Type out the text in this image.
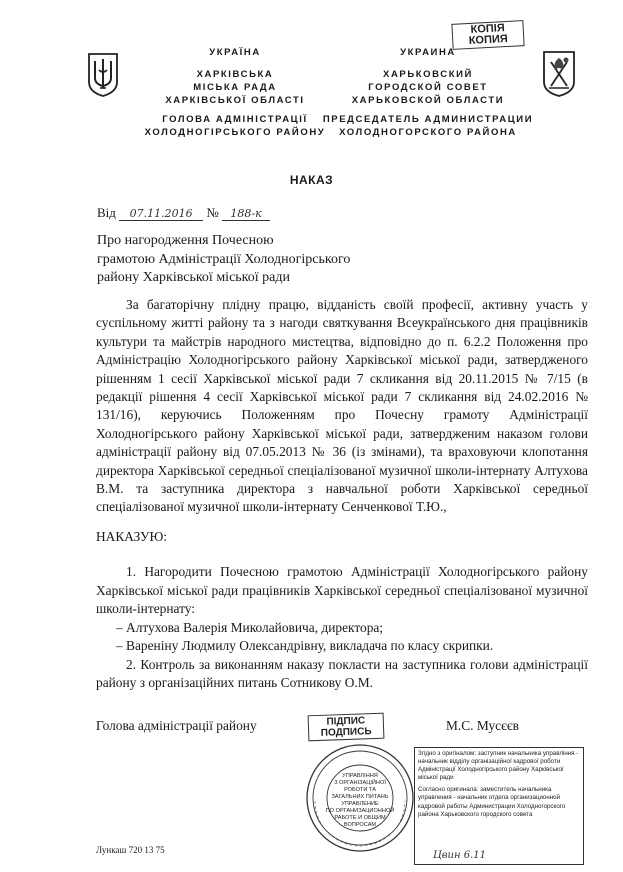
КОПІЯ
КОПИЯ
УКРАЇНА
ХАРКІВСЬКА
МІСЬКА РАДА
ХАРКІВСЬКОЇ ОБЛАСТІ
ГОЛОВА АДМІНІСТРАЦІЇ
ХОЛОДНОГІРСЬКОГО РАЙОНУ
УКРАИНА
ХАРЬКОВСКИЙ
ГОРОДСКОЙ СОВЕТ
ХАРЬКОВСКОЙ ОБЛАСТИ
ПРЕДСЕДАТЕЛЬ АДМИНИСТРАЦИИ
ХОЛОДНОГОРСКОГО РАЙОНА
НАКАЗ
Від 07.11.2016 № 188-к
Про нагородження Почесною
грамотою Адміністрації Холодногірського
району Харківської міської ради
За багаторічну плідну працю, відданість своїй професії, активну участь у суспільному житті району та з нагоди святкування Всеукраїнського дня працівників культури та майстрів народного мистецтва, відповідно до п. 6.2.2 Положення про Адміністрацію Холодногірського району Харківської міської ради, затвердженого рішенням 1 сесії Харківської міської ради 7 скликання від 20.11.2015 № 7/15 (в редакції рішення 4 сесії Харківської міської ради 7 скликання від 24.02.2016 № 131/16), керуючись Положенням про Почесну грамоту Адміністрації Холодногірського району Харківської міської ради, затвердженим наказом голови адміністрації району від 07.05.2013 № 36 (із змінами), та враховуючи клопотання директора Харківської середньої спеціалізованої музичної школи-інтернату Алтухова В.М. та заступника директора з навчальної роботи Харківської середньої спеціалізованої музичної школи-інтернату Сенченкової Т.Ю.,
НАКАЗУЮ:
1. Нагородити Почесною грамотою Адміністрації Холодногірського району Харківської міської ради працівників Харківської середньої спеціалізованої музичної школи-інтернату:
– Алтухова Валерія Миколайовича, директора;
– Вареніну Людмилу Олександрівну, викладача по класу скрипки.
2. Контроль за виконанням наказу покласти на заступника голови адміністрації району з організаційних питань Сотникову О.М.
Голова адміністрації району	ПІДПИС
ПОДПИСЬ	М.С. Мусєєв
УПРАВЛІННЯ
З ОРГАНІЗАЦІЙНОЇ
РОБОТИ ТА
ЗАГАЛЬНИХ ПИТАНЬ
УПРАВЛЕНИЕ
ПО ОРГАНИЗАЦИОННОЙ
РАБОТЕ И ОБЩИМ
ВОПРОСАМ
Згідно з оригіналом: заступник начальника управління - начальник відділу організаційної кадрової роботи Адміністрації Холодногірського району Харківської міської ради
Согласно оригинала: заместитель начальника управления - начальник отдела организационной кадровой работы Администрации Холодногорского района Харьковского городского совета
Цвин 6.11
Лункаш 720 13 75
